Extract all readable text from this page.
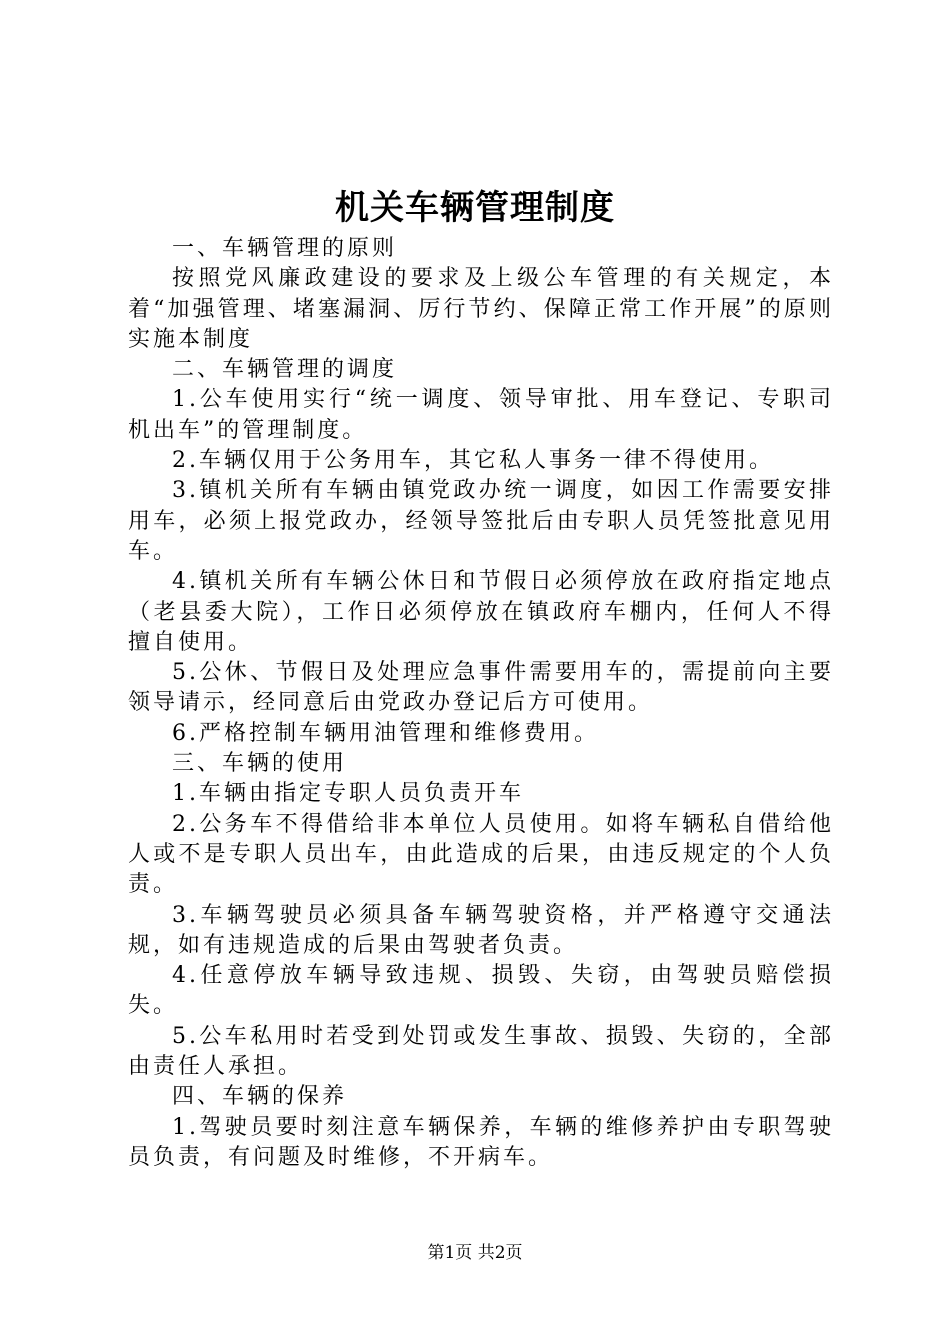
机关车辆管理制度

一、车辆管理的原则

按照党风廉政建设的要求及上级公车管理的有关规定，本着“加强管理、堵塞漏洞、厉行节约、保障正常工作开展”的原则实施本制度

二、车辆管理的调度

1.公车使用实行“统一调度、领导审批、用车登记、专职司机出车”的管理制度。

2.车辆仅用于公务用车，其它私人事务一律不得使用。

3.镇机关所有车辆由镇党政办统一调度，如因工作需要安排用车，必须上报党政办，经领导签批后由专职人员凭签批意见用车。

4.镇机关所有车辆公休日和节假日必须停放在政府指定地点（老县委大院），工作日必须停放在镇政府车棚内，任何人不得擅自使用。

5.公休、节假日及处理应急事件需要用车的，需提前向主要领导请示，经同意后由党政办登记后方可使用。

6.严格控制车辆用油管理和维修费用。

三、车辆的使用

1.车辆由指定专职人员负责开车

2.公务车不得借给非本单位人员使用。如将车辆私自借给他人或不是专职人员出车，由此造成的后果，由违反规定的个人负责。

3.车辆驾驶员必须具备车辆驾驶资格，并严格遵守交通法规，如有违规造成的后果由驾驶者负责。

4.任意停放车辆导致违规、损毁、失窃，由驾驶员赔偿损失。

5.公车私用时若受到处罚或发生事故、损毁、失窃的，全部由责任人承担。

四、车辆的保养

1.驾驶员要时刻注意车辆保养，车辆的维修养护由专职驾驶员负责，有问题及时维修，不开病车。

第1页 共2页
